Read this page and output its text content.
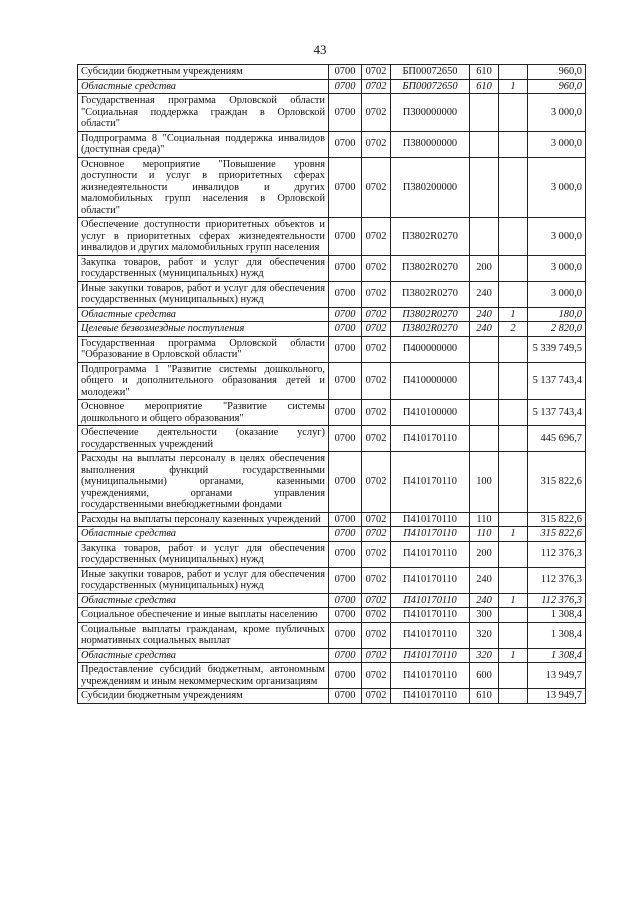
43
Субсидии бюджетным учреждениям	0700	0702	БП00072650	610		960,0
Областные средства	0700	0702	БП00072650	610	1	960,0
Государственная программа Орловской области "Социальная поддержка граждан в Орловской области"	0700	0702	П300000000			3 000,0
Подпрограмма 8 "Социальная поддержка инвалидов (доступная среда)"	0700	0702	П380000000			3 000,0
Основное мероприятие "Повышение уровня доступности и услуг в приоритетных сферах жизнедеятельности инвалидов и других маломобильных групп населения в Орловской области"	0700	0702	П380200000			3 000,0
Обеспечение доступности приоритетных объектов и услуг в приоритетных сферах жизнедеятельности инвалидов и других маломобильных групп населения	0700	0702	П3802R0270			3 000,0
Закупка товаров, работ и услуг для обеспечения государственных (муниципальных) нужд	0700	0702	П3802R0270	200		3 000,0
Иные закупки товаров, работ и услуг для обеспечения государственных (муниципальных) нужд	0700	0702	П3802R0270	240		3 000,0
Областные средства	0700	0702	П3802R0270	240	1	180,0
Целевые безвозмездные поступления	0700	0702	П3802R0270	240	2	2 820,0
Государственная программа Орловской области "Образование в Орловской области"	0700	0702	П400000000			5 339 749,5
Подпрограмма 1 "Развитие системы дошкольного, общего и дополнительного образования детей и молодежи"	0700	0702	П410000000			5 137 743,4
Основное мероприятие "Развитие системы дошкольного и общего образования"	0700	0702	П410100000			5 137 743,4
Обеспечение деятельности (оказание услуг) государственных учреждений	0700	0702	П410170110			445 696,7
Расходы на выплаты персоналу в целях обеспечения выполнения функций государственными (муниципальными) органами, казенными учреждениями, органами управления государственными внебюджетными фондами	0700	0702	П410170110	100		315 822,6
Расходы на выплаты персоналу казенных учреждений	0700	0702	П410170110	110		315 822,6
Областные средства	0700	0702	П410170110	110	1	315 822,6
Закупка товаров, работ и услуг для обеспечения государственных (муниципальных) нужд	0700	0702	П410170110	200		112 376,3
Иные закупки товаров, работ и услуг для обеспечения государственных (муниципальных) нужд	0700	0702	П410170110	240		112 376,3
Областные средства	0700	0702	П410170110	240	1	112 376,3
Социальное обеспечение и иные выплаты населению	0700	0702	П410170110	300		1 308,4
Социальные выплаты гражданам, кроме публичных нормативных социальных выплат	0700	0702	П410170110	320		1 308,4
Областные средства	0700	0702	П410170110	320	1	1 308,4
Предоставление субсидий бюджетным, автономным учреждениям и иным некоммерческим организациям	0700	0702	П410170110	600		13 949,7
Субсидии бюджетным учреждениям	0700	0702	П410170110	610		13 949,7
